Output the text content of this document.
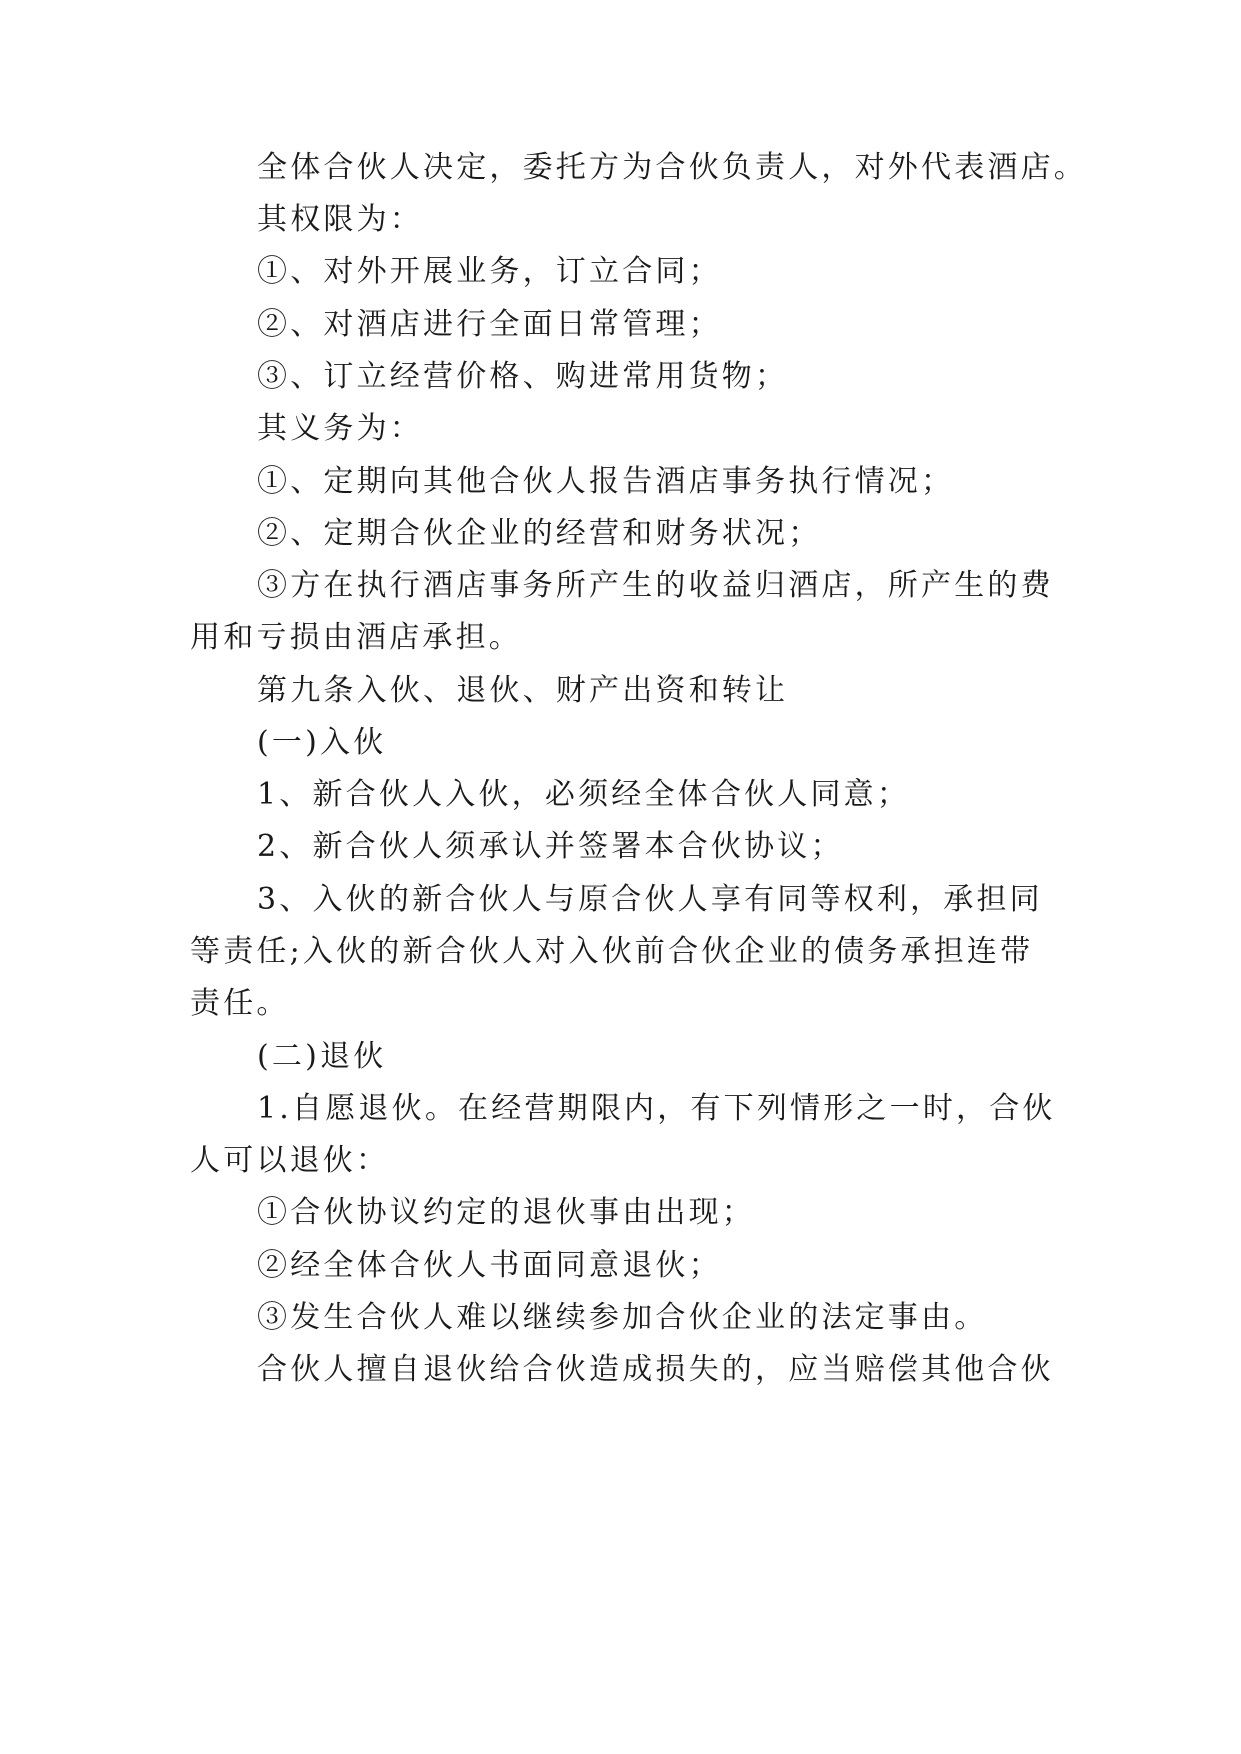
全体合伙人决定，委托方为合伙负责人，对外代表酒店。
其权限为：
①、对外开展业务，订立合同；
②、对酒店进行全面日常管理；
③、订立经营价格、购进常用货物；
其义务为：
①、定期向其他合伙人报告酒店事务执行情况；
②、定期合伙企业的经营和财务状况；
③方在执行酒店事务所产生的收益归酒店，所产生的费
用和亏损由酒店承担。
第九条入伙、退伙、财产出资和转让
(一)入伙
1、新合伙人入伙，必须经全体合伙人同意；
2、新合伙人须承认并签署本合伙协议；
3、入伙的新合伙人与原合伙人享有同等权利，承担同
等责任;入伙的新合伙人对入伙前合伙企业的债务承担连带
责任。
(二)退伙
1.自愿退伙。在经营期限内，有下列情形之一时，合伙
人可以退伙：
①合伙协议约定的退伙事由出现；
②经全体合伙人书面同意退伙；
③发生合伙人难以继续参加合伙企业的法定事由。
合伙人擅自退伙给合伙造成损失的，应当赔偿其他合伙
